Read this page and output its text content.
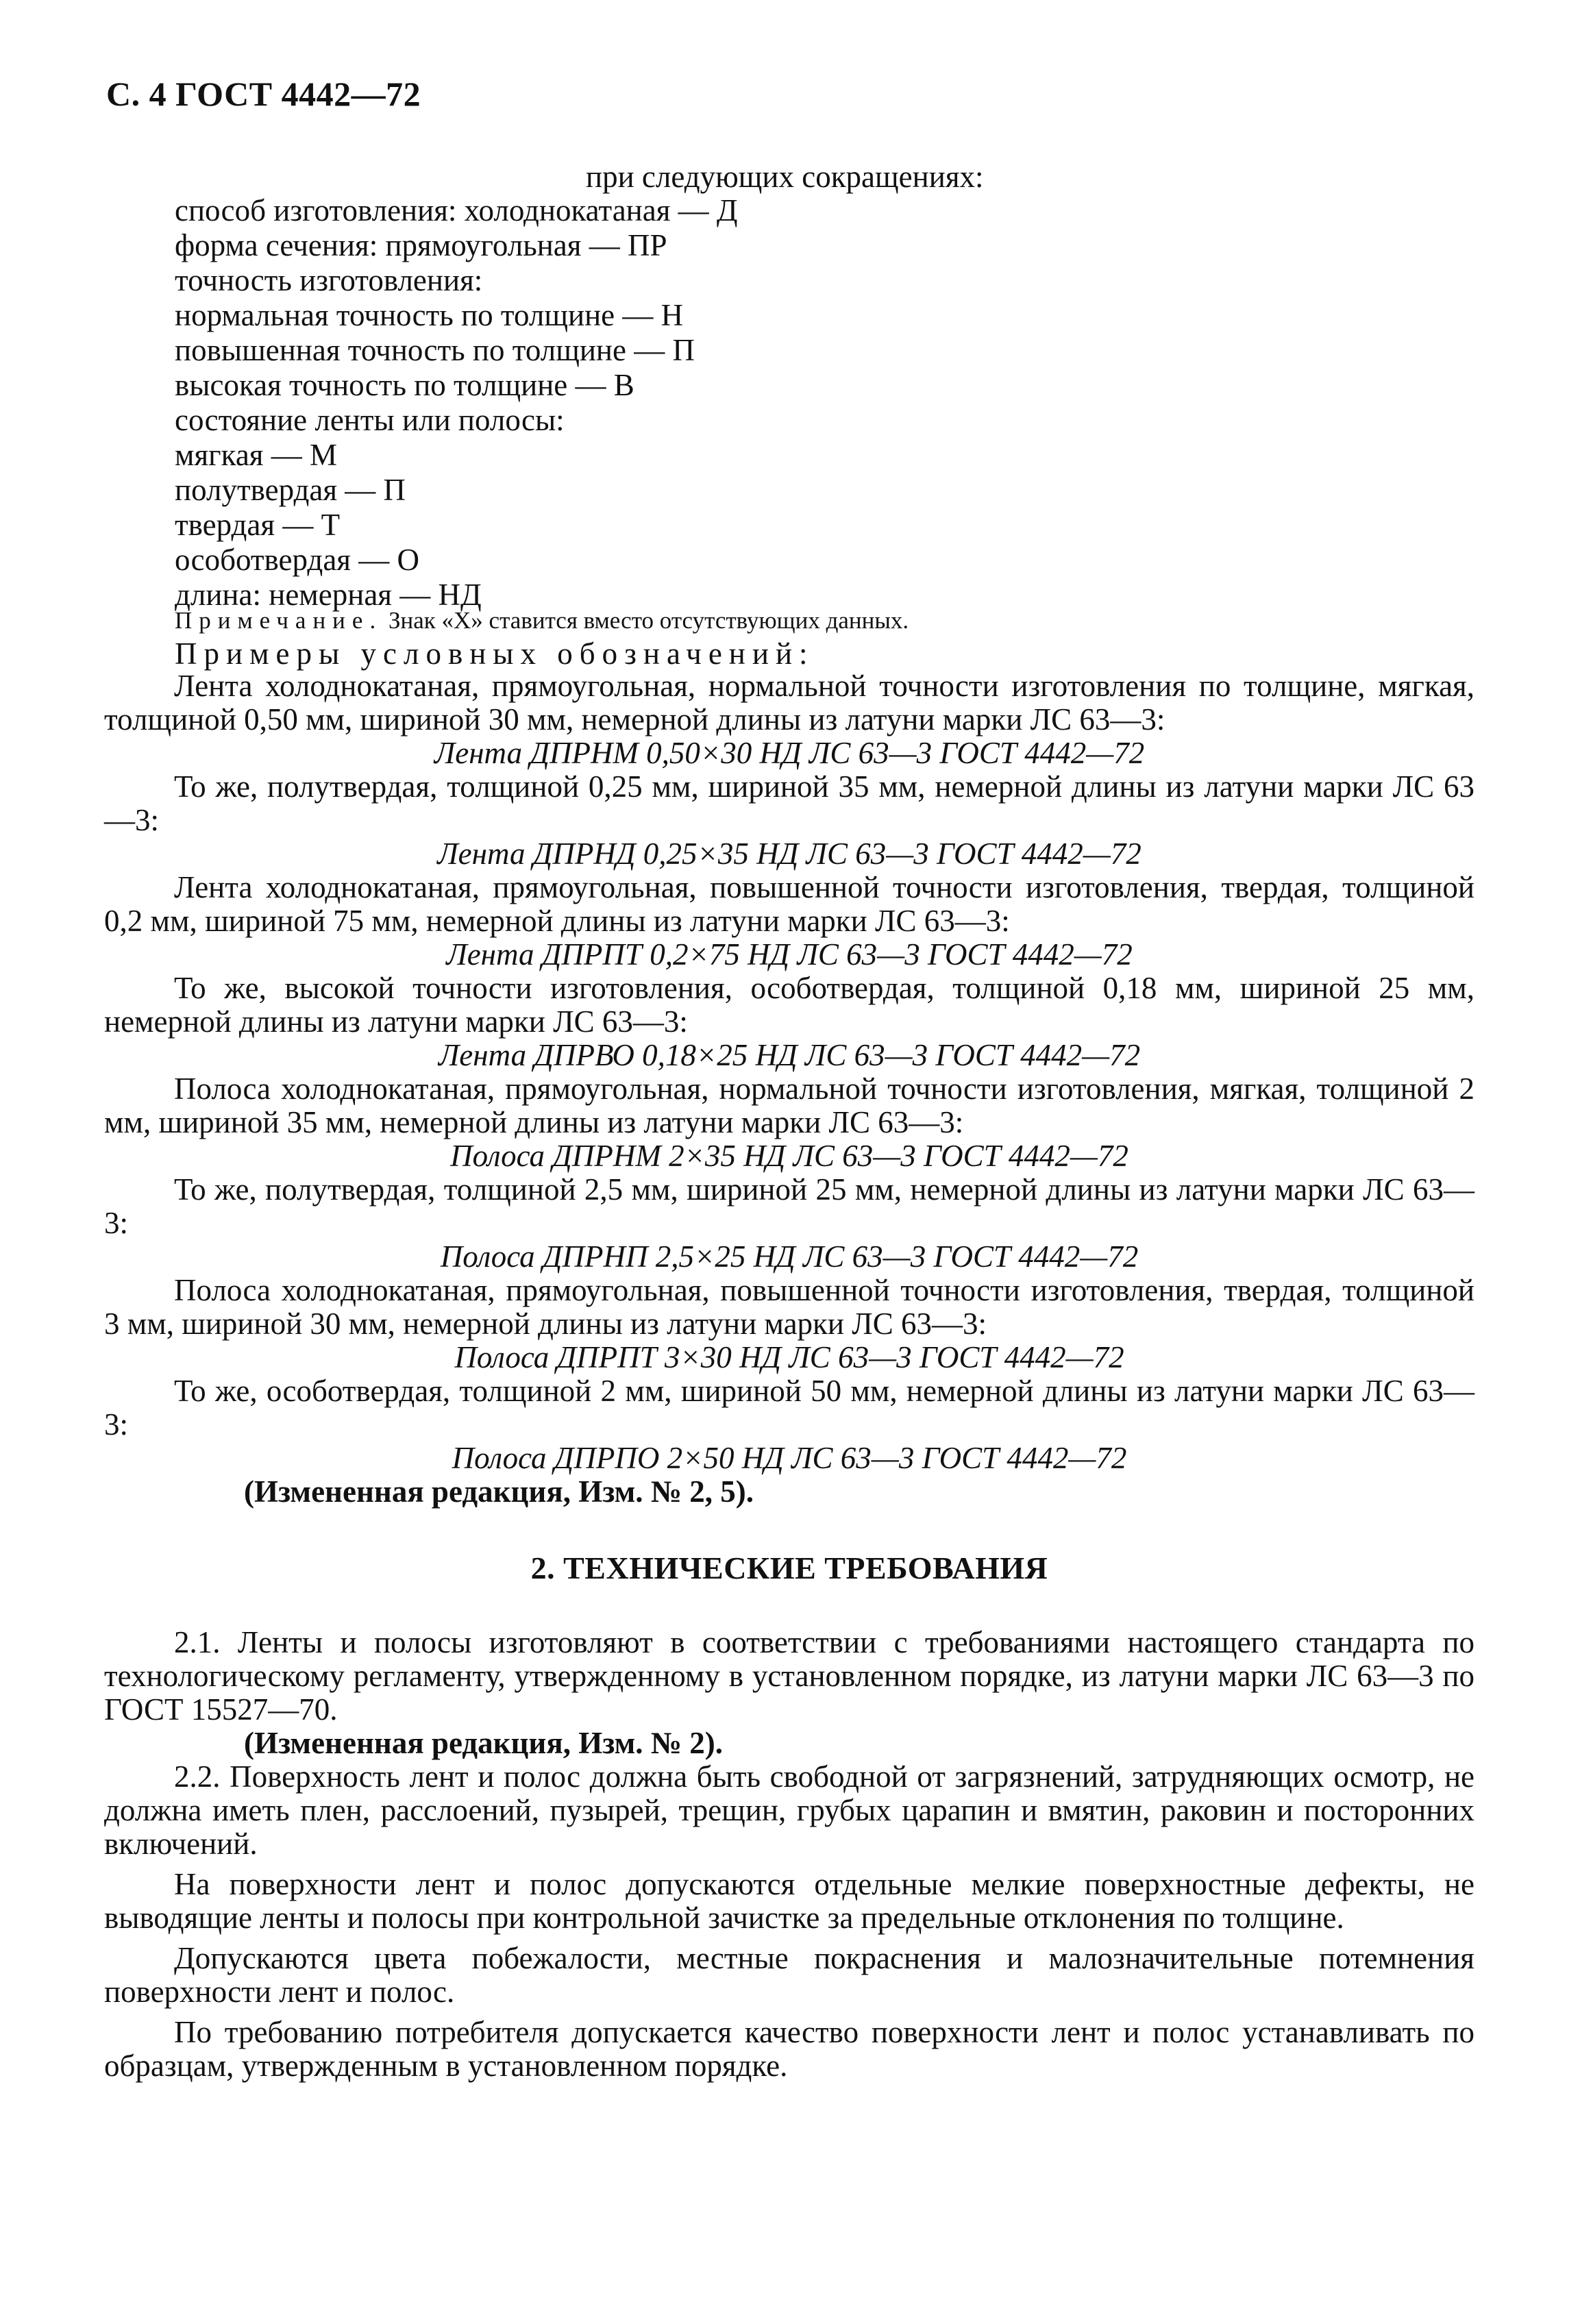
С. 4 ГОСТ 4442—72
при следующих сокращениях:
способ изготовления: холоднокатаная — Д
форма сечения: прямоугольная — ПР
точность изготовления:
нормальная точность по толщине — Н
повышенная точность по толщине — П
высокая точность по толщине — В
состояние ленты или полосы:
мягкая — М
полутвердая — П
твердая — Т
особотвердая — О
длина: немерная — НД
Примечание. Знак «Х» ставится вместо отсутствующих данных.
Примеры условных обозначений:

Лента холоднокатаная, прямоугольная, нормальной точности изготовления по толщине, мягкая, толщиной 0,50 мм, шириной 30 мм, немерной длины из латуни марки ЛС 63—3:

Лента ДПРНМ 0,50×30 НД ЛС 63—3 ГОСТ 4442—72

То же, полутвердая, толщиной 0,25 мм, шириной 35 мм, немерной длины из латуни марки ЛС 63—3:

Лента ДПРНД 0,25×35 НД ЛС 63—3 ГОСТ 4442—72

Лента холоднокатаная, прямоугольная, повышенной точности изготовления, твердая, толщиной 0,2 мм, шириной 75 мм, немерной длины из латуни марки ЛС 63—3:

Лента ДПРПТ 0,2×75 НД ЛС 63—3 ГОСТ 4442—72

То же, высокой точности изготовления, особотвердая, толщиной 0,18 мм, шириной 25 мм, немерной длины из латуни марки ЛС 63—3:

Лента ДПРВО 0,18×25 НД ЛС 63—3 ГОСТ 4442—72

Полоса холоднокатаная, прямоугольная, нормальной точности изготовления, мягкая, толщиной 2 мм, шириной 35 мм, немерной длины из латуни марки ЛС 63—3:

Полоса ДПРНМ 2×35 НД ЛС 63—3 ГОСТ 4442—72

То же, полутвердая, толщиной 2,5 мм, шириной 25 мм, немерной длины из латуни марки ЛС 63—3:

Полоса ДПРНП 2,5×25 НД ЛС 63—3 ГОСТ 4442—72

Полоса холоднокатаная, прямоугольная, повышенной точности изготовления, твердая, толщиной 3 мм, шириной 30 мм, немерной длины из латуни марки ЛС 63—3:

Полоса ДПРПТ 3×30 НД ЛС 63—3 ГОСТ 4442—72

То же, особотвердая, толщиной 2 мм, шириной 50 мм, немерной длины из латуни марки ЛС 63—3:

Полоса ДПРПО 2×50 НД ЛС 63—3 ГОСТ 4442—72

(Измененная редакция, Изм. № 2, 5).

2. ТЕХНИЧЕСКИЕ ТРЕБОВАНИЯ

2.1. Ленты и полосы изготовляют в соответствии с требованиями настоящего стандарта по технологическому регламенту, утвержденному в установленном порядке, из латуни марки ЛС 63—3 по ГОСТ 15527—70.

(Измененная редакция, Изм. № 2).

2.2. Поверхность лент и полос должна быть свободной от загрязнений, затрудняющих осмотр, не должна иметь плен, расслоений, пузырей, трещин, грубых царапин и вмятин, раковин и посторонних включений.

На поверхности лент и полос допускаются отдельные мелкие поверхностные дефекты, не выводящие ленты и полосы при контрольной зачистке за предельные отклонения по толщине.

Допускаются цвета побежалости, местные покраснения и малозначительные потемнения поверхности лент и полос.

По требованию потребителя допускается качество поверхности лент и полос устанавливать по образцам, утвержденным в установленном порядке.
